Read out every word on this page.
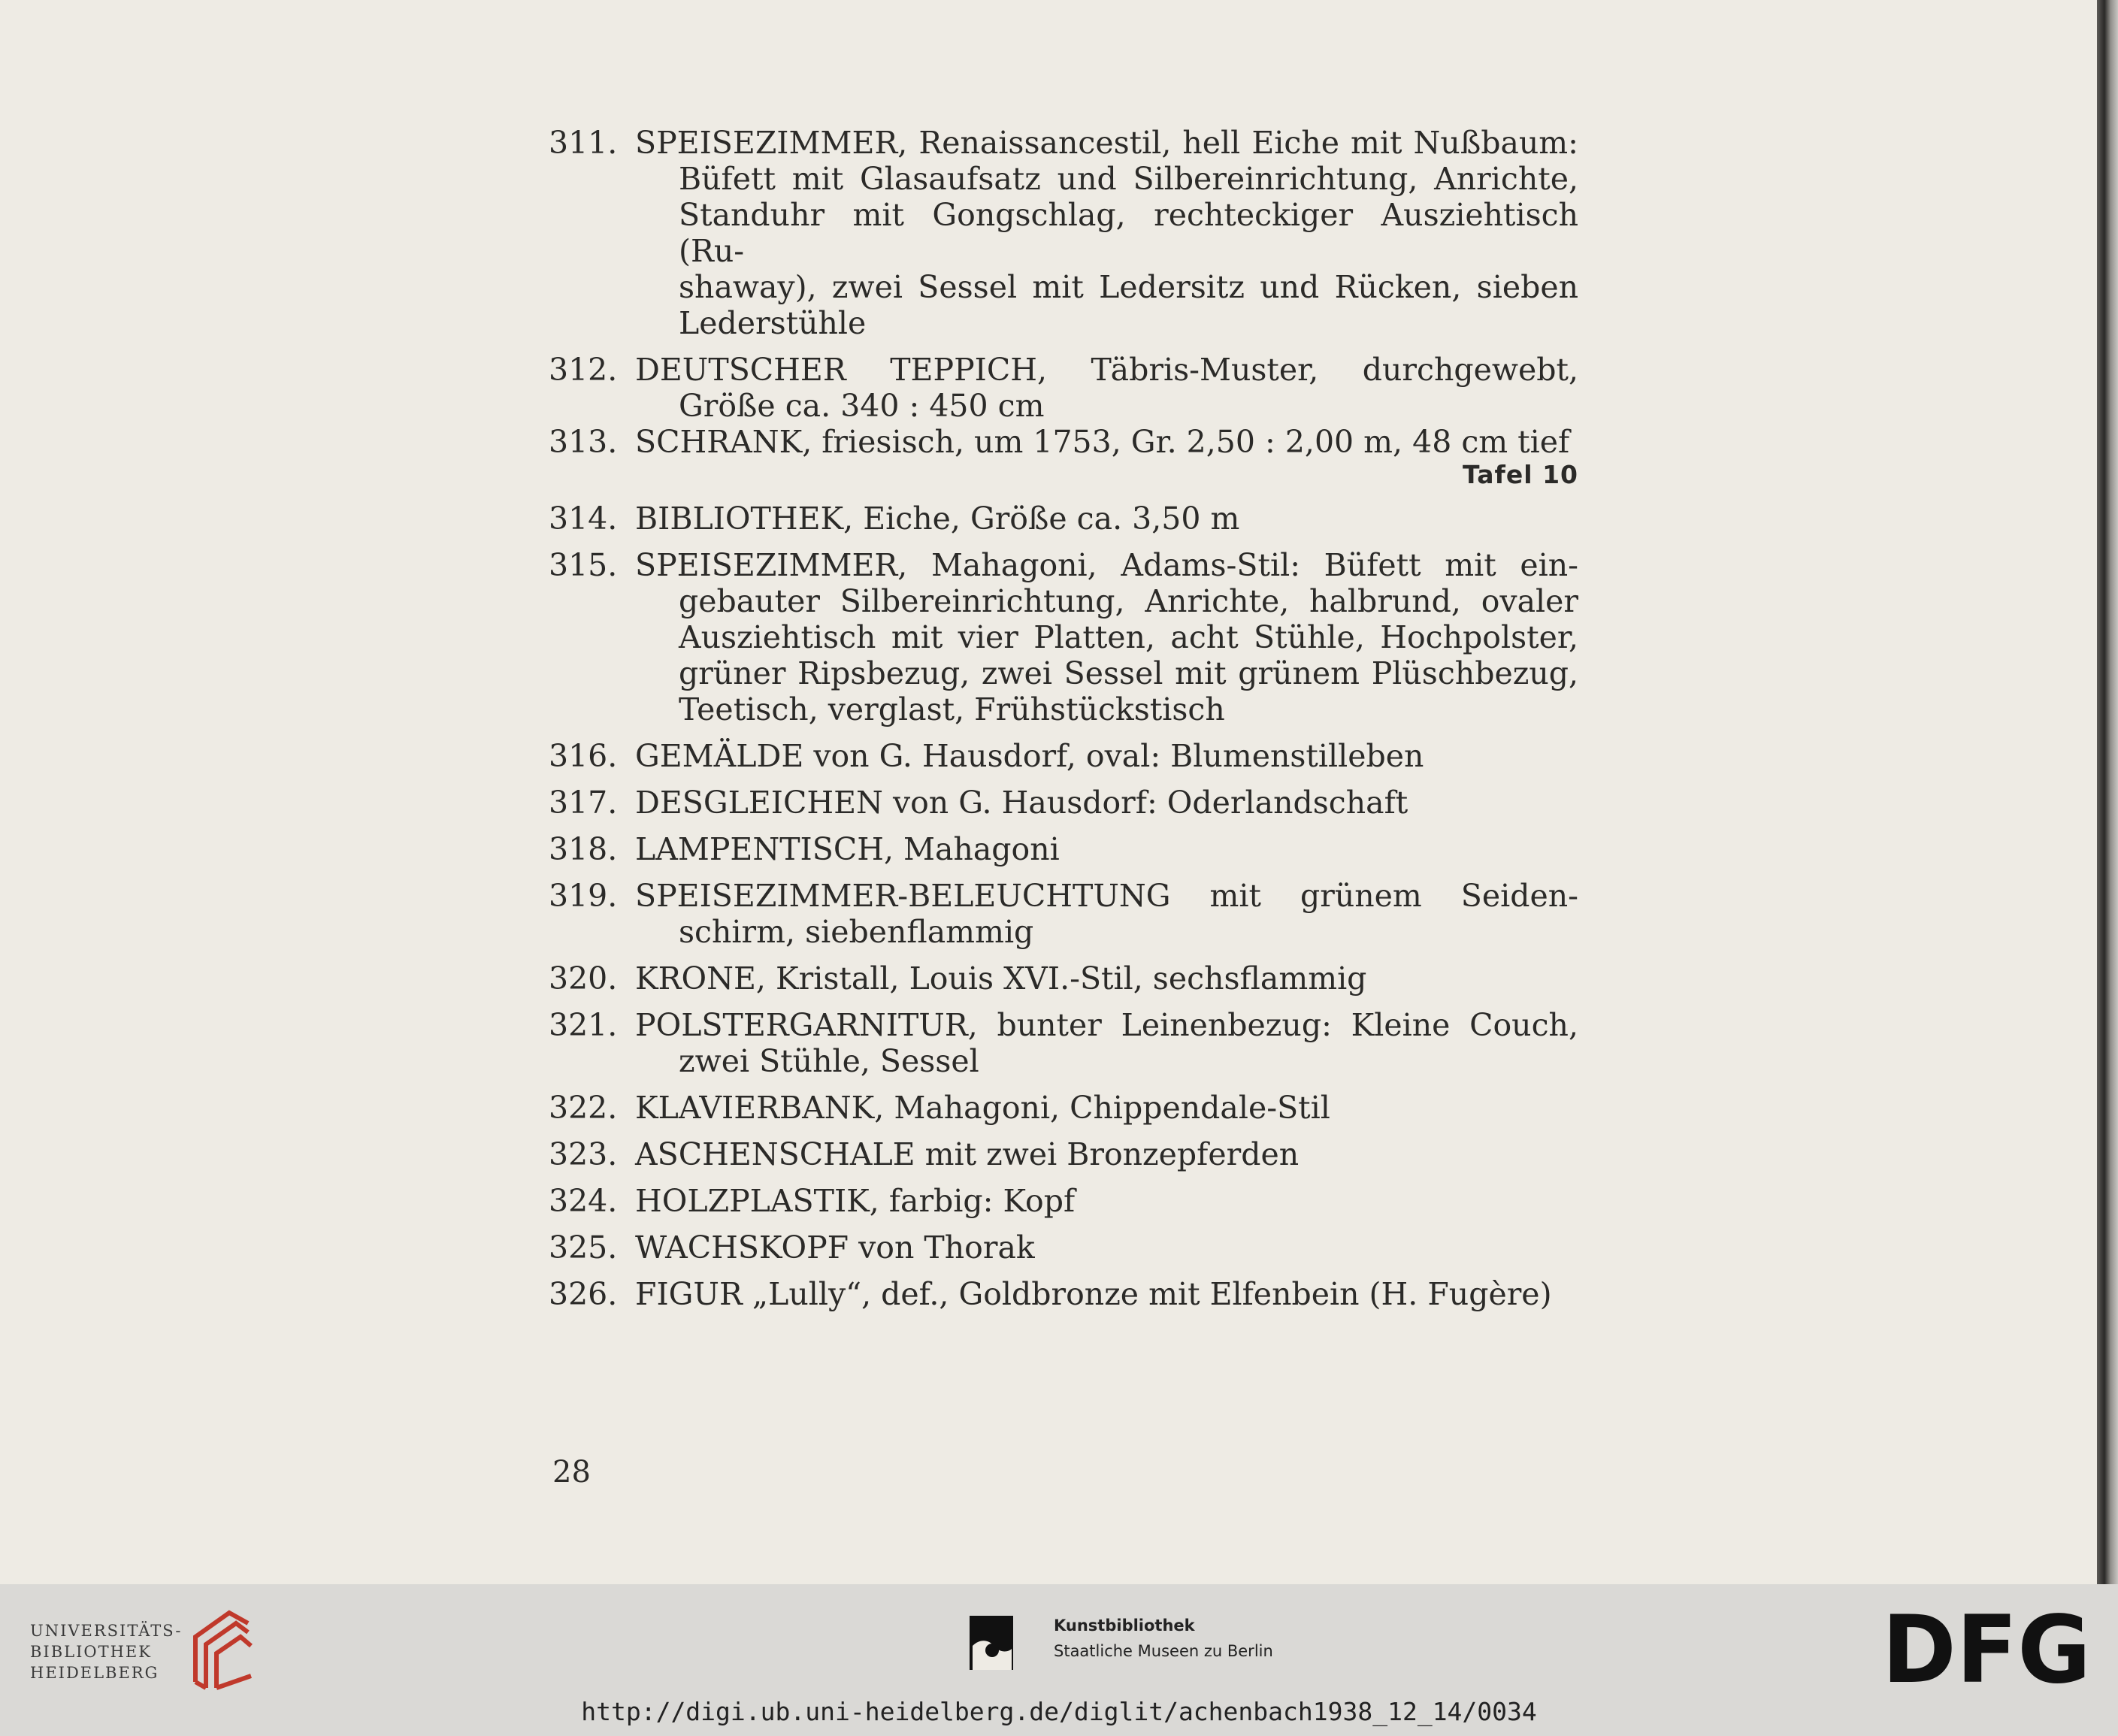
311. SPEISEZIMMER, Renaissancestil, hell Eiche mit Nußbaum:
Büfett mit Glasaufsatz und Silbereinrichtung, Anrichte,
Standuhr mit Gongschlag, rechteckiger Ausziehtisch (Ru-
shaway), zwei Sessel mit Ledersitz und Rücken, sieben
Lederstühle
312. DEUTSCHER TEPPICH, Täbris-Muster, durchgewebt,
Größe ca. 340 : 450 cm
313. SCHRANK, friesisch, um 1753, Gr. 2,50 : 2,00 m, 48 cm tief
Tafel 10
314. BIBLIOTHEK, Eiche, Größe ca. 3,50 m
315. SPEISEZIMMER, Mahagoni, Adams-Stil: Büfett mit ein-
gebauter Silbereinrichtung, Anrichte, halbrund, ovaler
Ausziehtisch mit vier Platten, acht Stühle, Hochpolster,
grüner Ripsbezug, zwei Sessel mit grünem Plüschbezug,
Teetisch, verglast, Frühstückstisch
316. GEMÄLDE von G. Hausdorf, oval: Blumenstilleben
317. DESGLEICHEN von G. Hausdorf: Oderlandschaft
318. LAMPENTISCH, Mahagoni
319. SPEISEZIMMER-BELEUCHTUNG mit grünem Seiden-
schirm, siebenflammig
320. KRONE, Kristall, Louis XVI.-Stil, sechsflammig
321. POLSTERGARNITUR, bunter Leinenbezug: Kleine Couch,
zwei Stühle, Sessel
322. KLAVIERBANK, Mahagoni, Chippendale-Stil
323. ASCHENSCHALE mit zwei Bronzepferden
324. HOLZPLASTIK, farbig: Kopf
325. WACHSKOPF von Thorak
326. FIGUR „Lully“, def., Goldbronze mit Elfenbein (H. Fugère)
28
UNIVERSITÄTS-
BIBLIOTHEK
HEIDELBERG
Kunstbibliothek
Staatliche Museen zu Berlin	DFG
http://digi.ub.uni-heidelberg.de/diglit/achenbach1938_12_14/0034
